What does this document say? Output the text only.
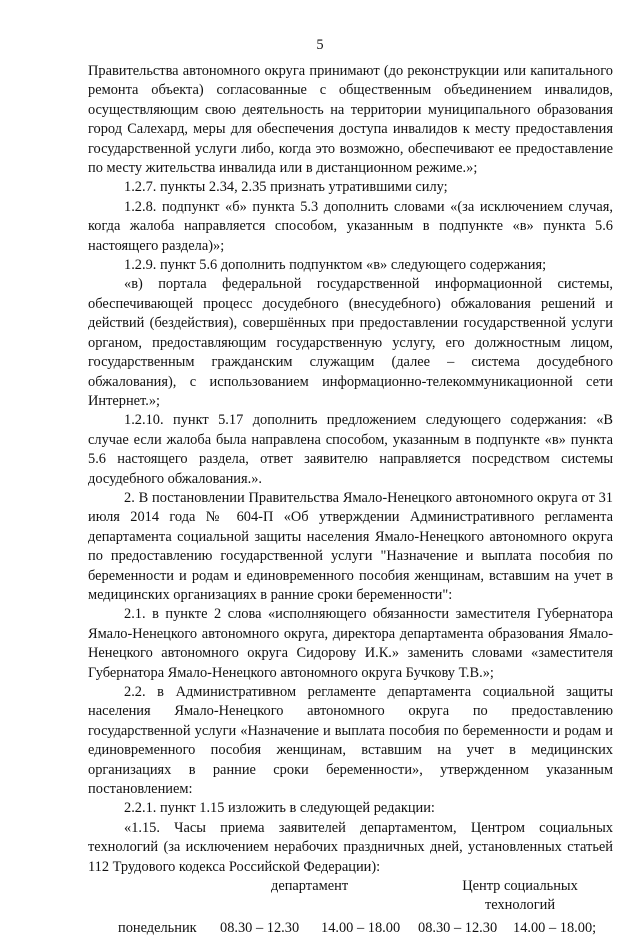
5

Правительства автономного округа принимают (до реконструкции или капитального ремонта объекта) согласованные с общественным объединением инвалидов, осуществляющим свою деятельность на территории муниципального образования город Салехард, меры для обеспечения доступа инвалидов к месту предоставления государственной услуги либо, когда это возможно, обеспечивают ее предоставление по месту жительства инвалида или в дистанционном режиме.»;

1.2.7. пункты 2.34, 2.35 признать утратившими силу;

1.2.8. подпункт «б» пункта 5.3 дополнить словами «(за исключением случая, когда жалоба направляется способом, указанным в подпункте «в» пункта 5.6 настоящего раздела)»;

1.2.9. пункт 5.6 дополнить подпунктом «в» следующего содержания;

«в) портала федеральной государственной информационной системы, обеспечивающей процесс досудебного (внесудебного) обжалования решений и действий (бездействия), совершённых при предоставлении государственной услуги органом, предоставляющим государственную услугу, его должностным лицом, государственным гражданским служащим (далее – система досудебного обжалования), с использованием информационно-телекоммуникационной сети Интернет.»;

1.2.10. пункт 5.17 дополнить предложением следующего содержания: «В случае если жалоба была направлена способом, указанным в подпункте «в» пункта 5.6 настоящего раздела, ответ заявителю направляется посредством системы досудебного обжалования.».

2. В постановлении Правительства Ямало-Ненецкого автономного округа от 31 июля 2014 года № 604-П «Об утверждении Административного регламента департамента социальной защиты населения Ямало-Ненецкого автономного округа по предоставлению государственной услуги "Назначение и выплата пособия по беременности и родам и единовременного пособия женщинам, вставшим на учет в медицинских организациях в ранние сроки беременности":

2.1. в пункте 2 слова «исполняющего обязанности заместителя Губернатора Ямало-Ненецкого автономного округа, директора департамента образования Ямало-Ненецкого автономного округа Сидорову И.К.» заменить словами «заместителя Губернатора Ямало-Ненецкого автономного округа Бучкову Т.В.»;

2.2. в Административном регламенте департамента социальной защиты населения Ямало-Ненецкого автономного округа по предоставлению государственной услуги «Назначение и выплата пособия по беременности и родам и единовременного пособия женщинам, вставшим на учет в медицинских организациях в ранние сроки беременности», утвержденном указанным постановлением:

2.2.1. пункт 1.15 изложить в следующей редакции:

«1.15. Часы приема заявителей департаментом, Центром социальных технологий (за исключением нерабочих праздничных дней, установленных статьей 112 Трудового кодекса Российской Федерации):

департамент	Центр социальных технологий
понедельник 08.30 – 12.30 14.00 – 18.00 08.30 – 12.30 14.00 – 18.00;
